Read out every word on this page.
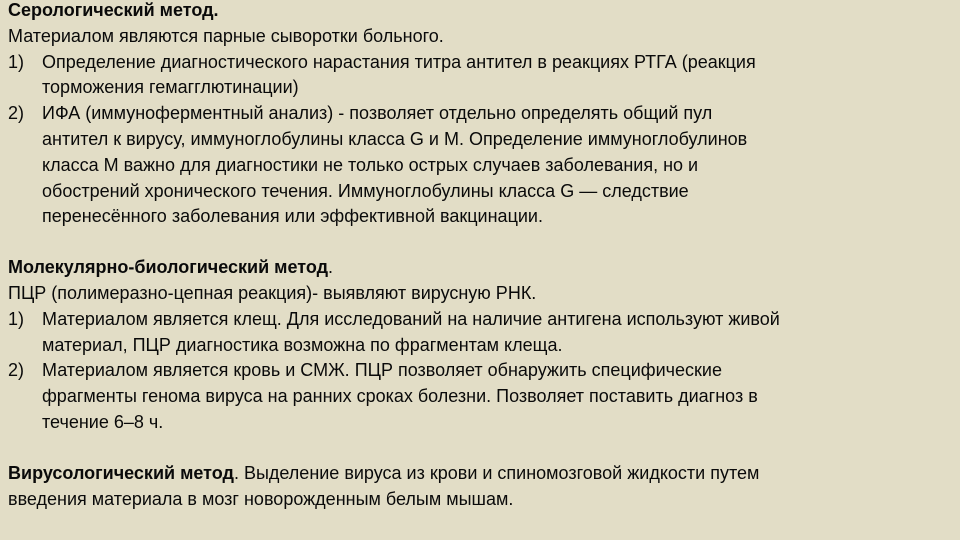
Серологический метод.

Материалом являются парные сыворотки больного.

1) Определение диагностического нарастания титра антител в реакциях РТГА (реакция
торможения гемагглютинации)
2) ИФА (иммуноферментный анализ) - позволяет отдельно определять общий пул
антител к вирусу, иммуноглобулины класса G и M. Определение иммуноглобулинов
класса М важно для диагностики не только острых случаев заболевания, но и
обострений хронического течения. Иммуноглобулины класса G — следствие
перенесённого заболевания или эффективной вакцинации.

Молекулярно-биологический метод.

ПЦР (полимеразно-цепная реакция)- выявляют вирусную РНК.

1) Материалом является клещ. Для исследований на наличие антигена используют живой
материал, ПЦР диагностика возможна по фрагментам клеща.
2) Материалом является кровь и СМЖ. ПЦР позволяет обнаружить специфические
фрагменты генома вируса на ранних сроках болезни. Позволяет поставить диагноз в
течение 6–8 ч.

Вирусологический метод. Выделение вируса из крови и спиномозговой жидкости путем

введения материала в мозг новорожденным белым мышам.
